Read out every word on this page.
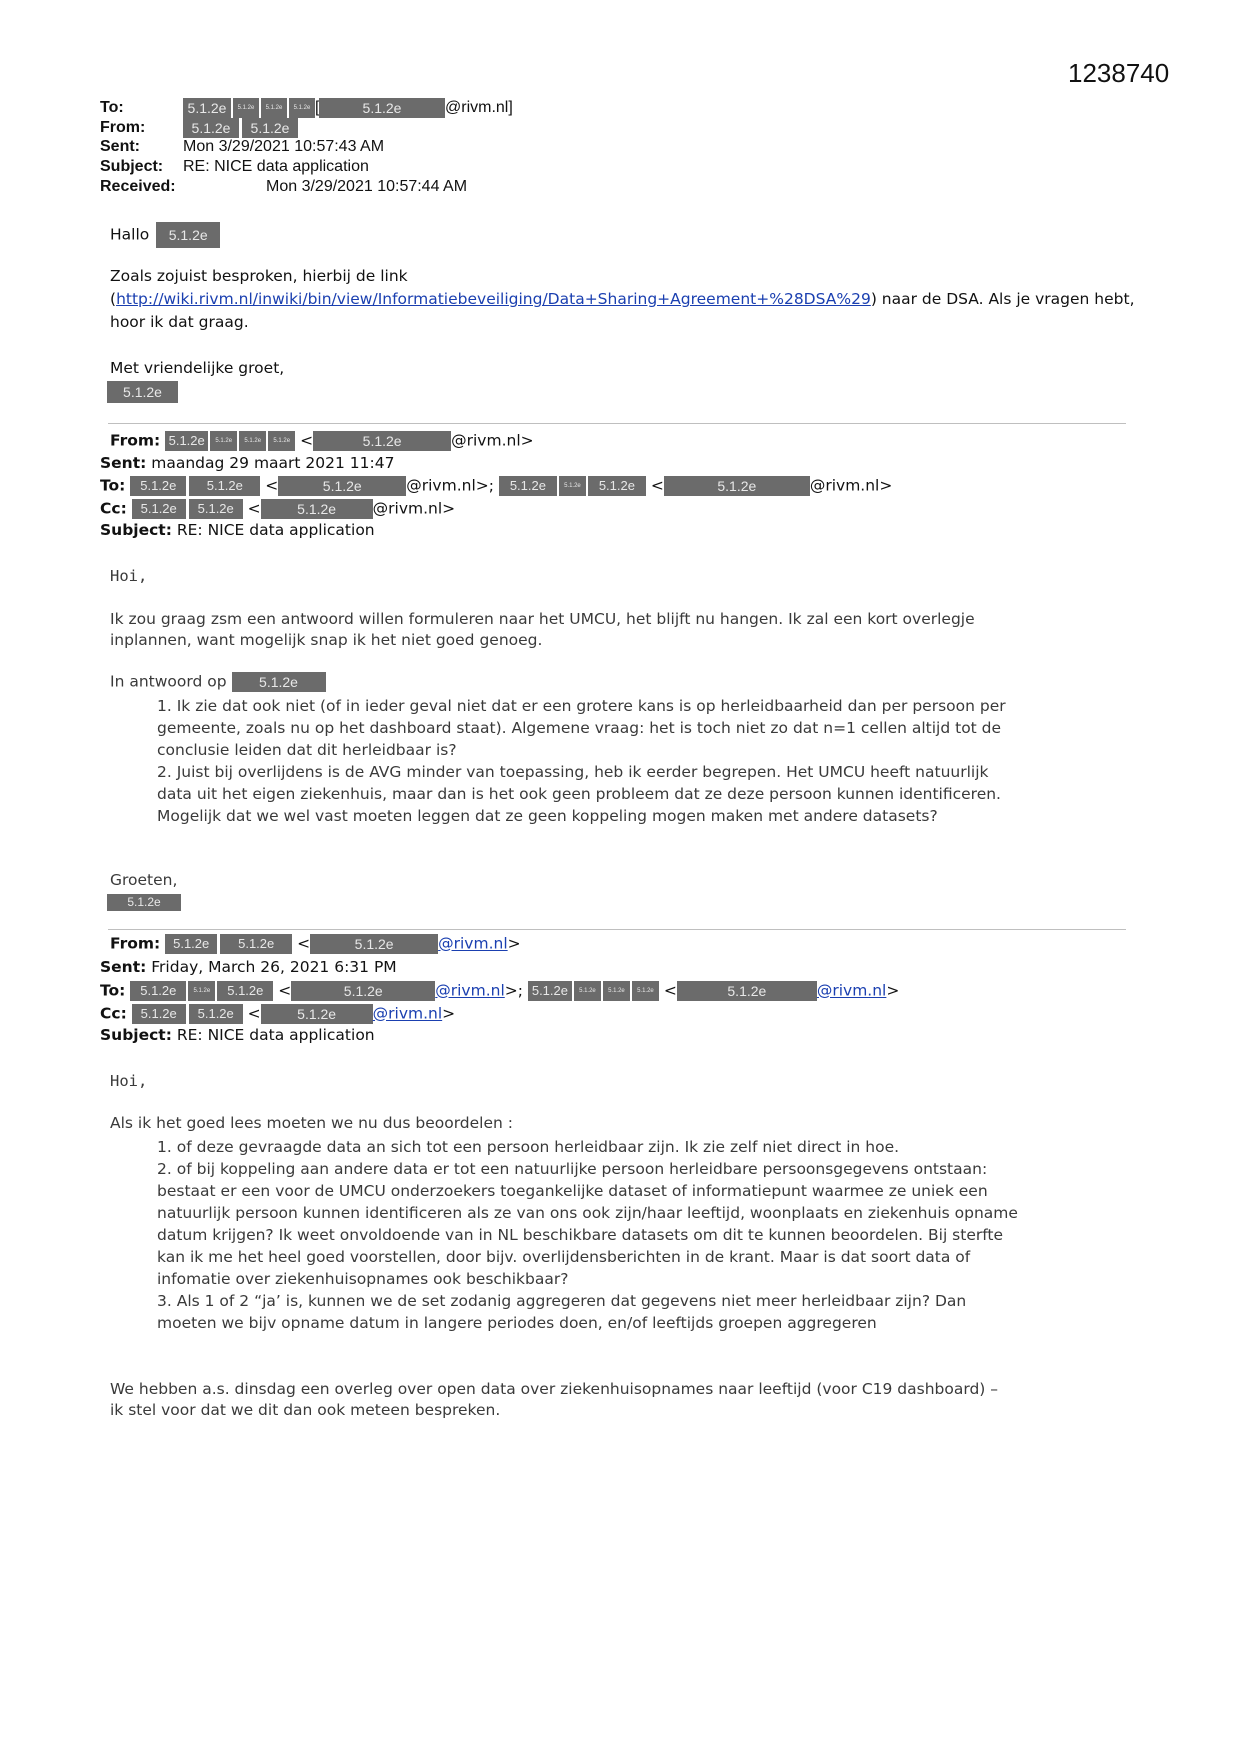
1238740
To:	5.1.2e 5.1.2e 5.1.2e 5.1.2e [	5.1.2e	@rivm.nl]
From:	5.1.2e 5.1.2e
Sent:	Mon 3/29/2021 10:57:43 AM
Subject: RE: NICE data application
Received:	Mon 3/29/2021 10:57:44 AM
Hallo 5.1.2e
Zoals zojuist besproken, hierbij de link
(http://wiki.rivm.nl/inwiki/bin/view/Informatiebeveiliging/Data+Sharing+Agreement+%28DSA%29) naar de DSA. Als je vragen hebt,
hoor ik dat graag.
Met vriendelijke groet,
5.1.2e
From: 5.1.2e 5.1.2e 5.1.2e 5.1.2e <	5.1.2e	@rivm.nl>
Sent: maandag 29 maart 2021 11:47
To: 5.1.2e 5.1.2e <	5.1.2e	@rivm.nl>; 5.1.2e	5.1.2e 5.1.2e <	5.1.2e	@rivm.nl>
Cc: 5.1.2e 5.1.2e <	5.1.2e @rivm.nl>
Subject: RE: NICE data application
Hoi,
Ik zou graag zsm een antwoord willen formuleren naar het UMCU, het blijft nu hangen. Ik zal een kort overlegje
inplannen, want mogelijk snap ik het niet goed genoeg.
In antwoord op 5.1.2e
1. Ik zie dat ook niet (of in ieder geval niet dat er een grotere kans is op herleidbaarheid dan per persoon per
gemeente, zoals nu op het dashboard staat). Algemene vraag: het is toch niet zo dat n=1 cellen altijd tot de
conclusie leiden dat dit herleidbaar is?
2. Juist bij overlijdens is de AVG minder van toepassing, heb ik eerder begrepen. Het UMCU heeft natuurlijk
data uit het eigen ziekenhuis, maar dan is het ook geen probleem dat ze deze persoon kunnen identificeren.
Mogelijk dat we wel vast moeten leggen dat ze geen koppeling mogen maken met andere datasets?
Groeten,
5.1.2e
From: 5.1.2e 5.1.2e <	5.1.2e	@rivm.nl>
Sent: Friday, March 26, 2021 6:31 PM
To: 5.1.2e	5.1.2e 5.1.2e <	5.1.2e	@rivm.nl>; 5.1.2e 5.1.2e 5.1.2e 5.1.2e <	5.1.2e	@rivm.nl>
Cc: 5.1.2e 5.1.2e <	5.1.2e @rivm.nl>
Subject: RE: NICE data application
Hoi,
Als ik het goed lees moeten we nu dus beoordelen :
1. of deze gevraagde data an sich tot een persoon herleidbaar zijn. Ik zie zelf niet direct in hoe.
2. of bij koppeling aan andere data er tot een natuurlijke persoon herleidbare persoonsgegevens ontstaan:
bestaat er een voor de UMCU onderzoekers toegankelijke dataset of informatiepunt waarmee ze uniek een
natuurlijk persoon kunnen identificeren als ze van ons ook zijn/haar leeftijd, woonplaats en ziekenhuis opname
datum krijgen? Ik weet onvoldoende van in NL beschikbare datasets om dit te kunnen beoordelen. Bij sterfte
kan ik me het heel goed voorstellen, door bijv. overlijdensberichten in de krant. Maar is dat soort data of
infomatie over ziekenhuisopnames ook beschikbaar?
3. Als 1 of 2 “ja’ is, kunnen we de set zodanig aggregeren dat gegevens niet meer herleidbaar zijn? Dan
moeten we bijv opname datum in langere periodes doen, en/of leeftijds groepen aggregeren
We hebben a.s. dinsdag een overleg over open data over ziekenhuisopnames naar leeftijd (voor C19 dashboard) –
ik stel voor dat we dit dan ook meteen bespreken.
